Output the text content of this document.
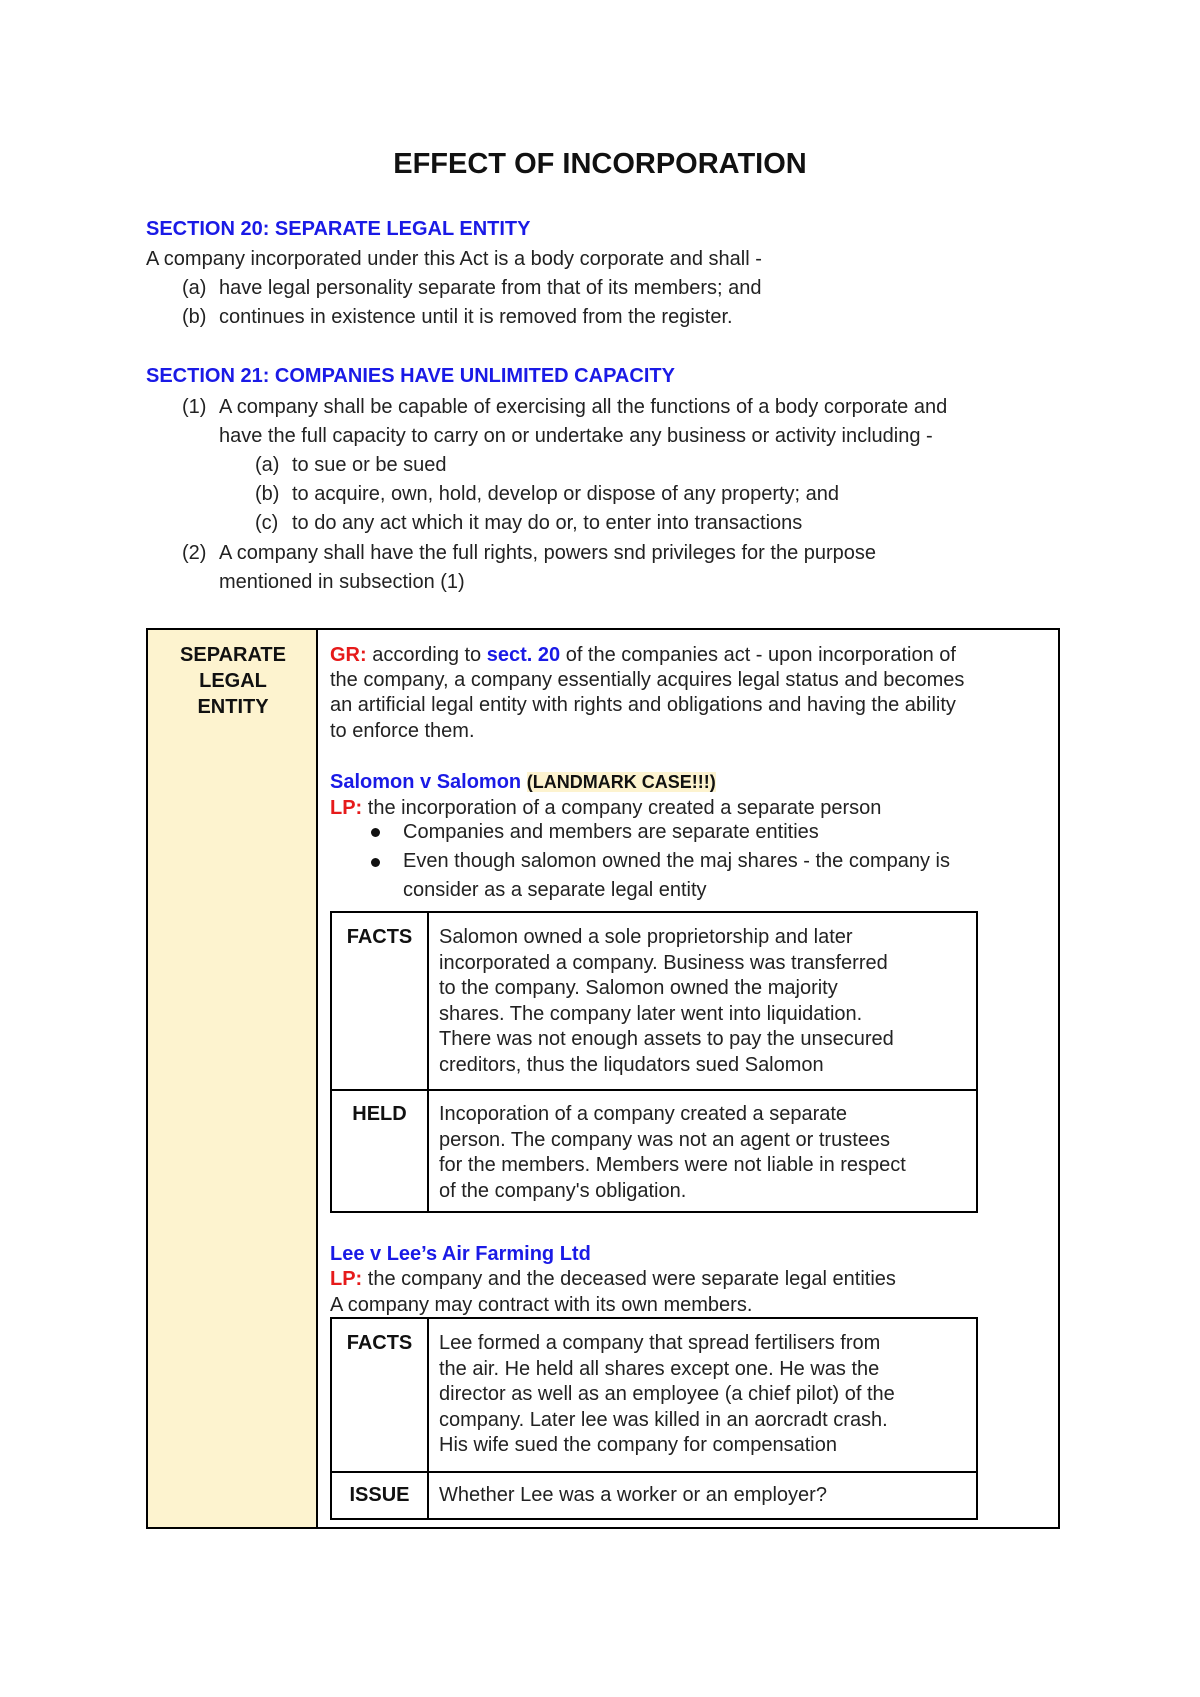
EFFECT OF INCORPORATION
SECTION 20: SEPARATE LEGAL ENTITY
A company incorporated under this Act is a body corporate and shall -
(a) have legal personality separate from that of its members; and
(b) continues in existence until it is removed from the register.
SECTION 21: COMPANIES HAVE UNLIMITED CAPACITY
(1) A company shall be capable of exercising all the functions of a body corporate and
have the full capacity to carry on or undertake any business or activity including -
(a) to sue or be sued
(b) to acquire, own, hold, develop or dispose of any property; and
(c) to do any act which it may do or, to enter into transactions
(2) A company shall have the full rights, powers snd privileges for the purpose
mentioned in subsection (1)
SEPARATE
LEGAL
ENTITY
GR: according to sect. 20 of the companies act - upon incorporation of
the company, a company essentially acquires legal status and becomes
an artificial legal entity with rights and obligations and having the ability
to enforce them.
Salomon v Salomon (LANDMARK CASE!!!)
LP: the incorporation of a company created a separate person
Companies and members are separate entities
Even though salomon owned the maj shares - the company is
consider as a separate legal entity
FACTS	Salomon owned a sole proprietorship and later
incorporated a company. Business was transferred
to the company. Salomon owned the majority
shares. The company later went into liquidation.
There was not enough assets to pay the unsecured
creditors, thus the liqudators sued Salomon
HELD	Incoporation of a company created a separate
person. The company was not an agent or trustees
for the members. Members were not liable in respect
of the company's obligation.
Lee v Lee’s Air Farming Ltd
LP: the company and the deceased were separate legal entities
A company may contract with its own members.
FACTS	Lee formed a company that spread fertilisers from
the air. He held all shares except one. He was the
director as well as an employee (a chief pilot) of the
company. Later lee was killed in an aorcradt crash.
His wife sued the company for compensation
ISSUE	Whether Lee was a worker or an employer?
